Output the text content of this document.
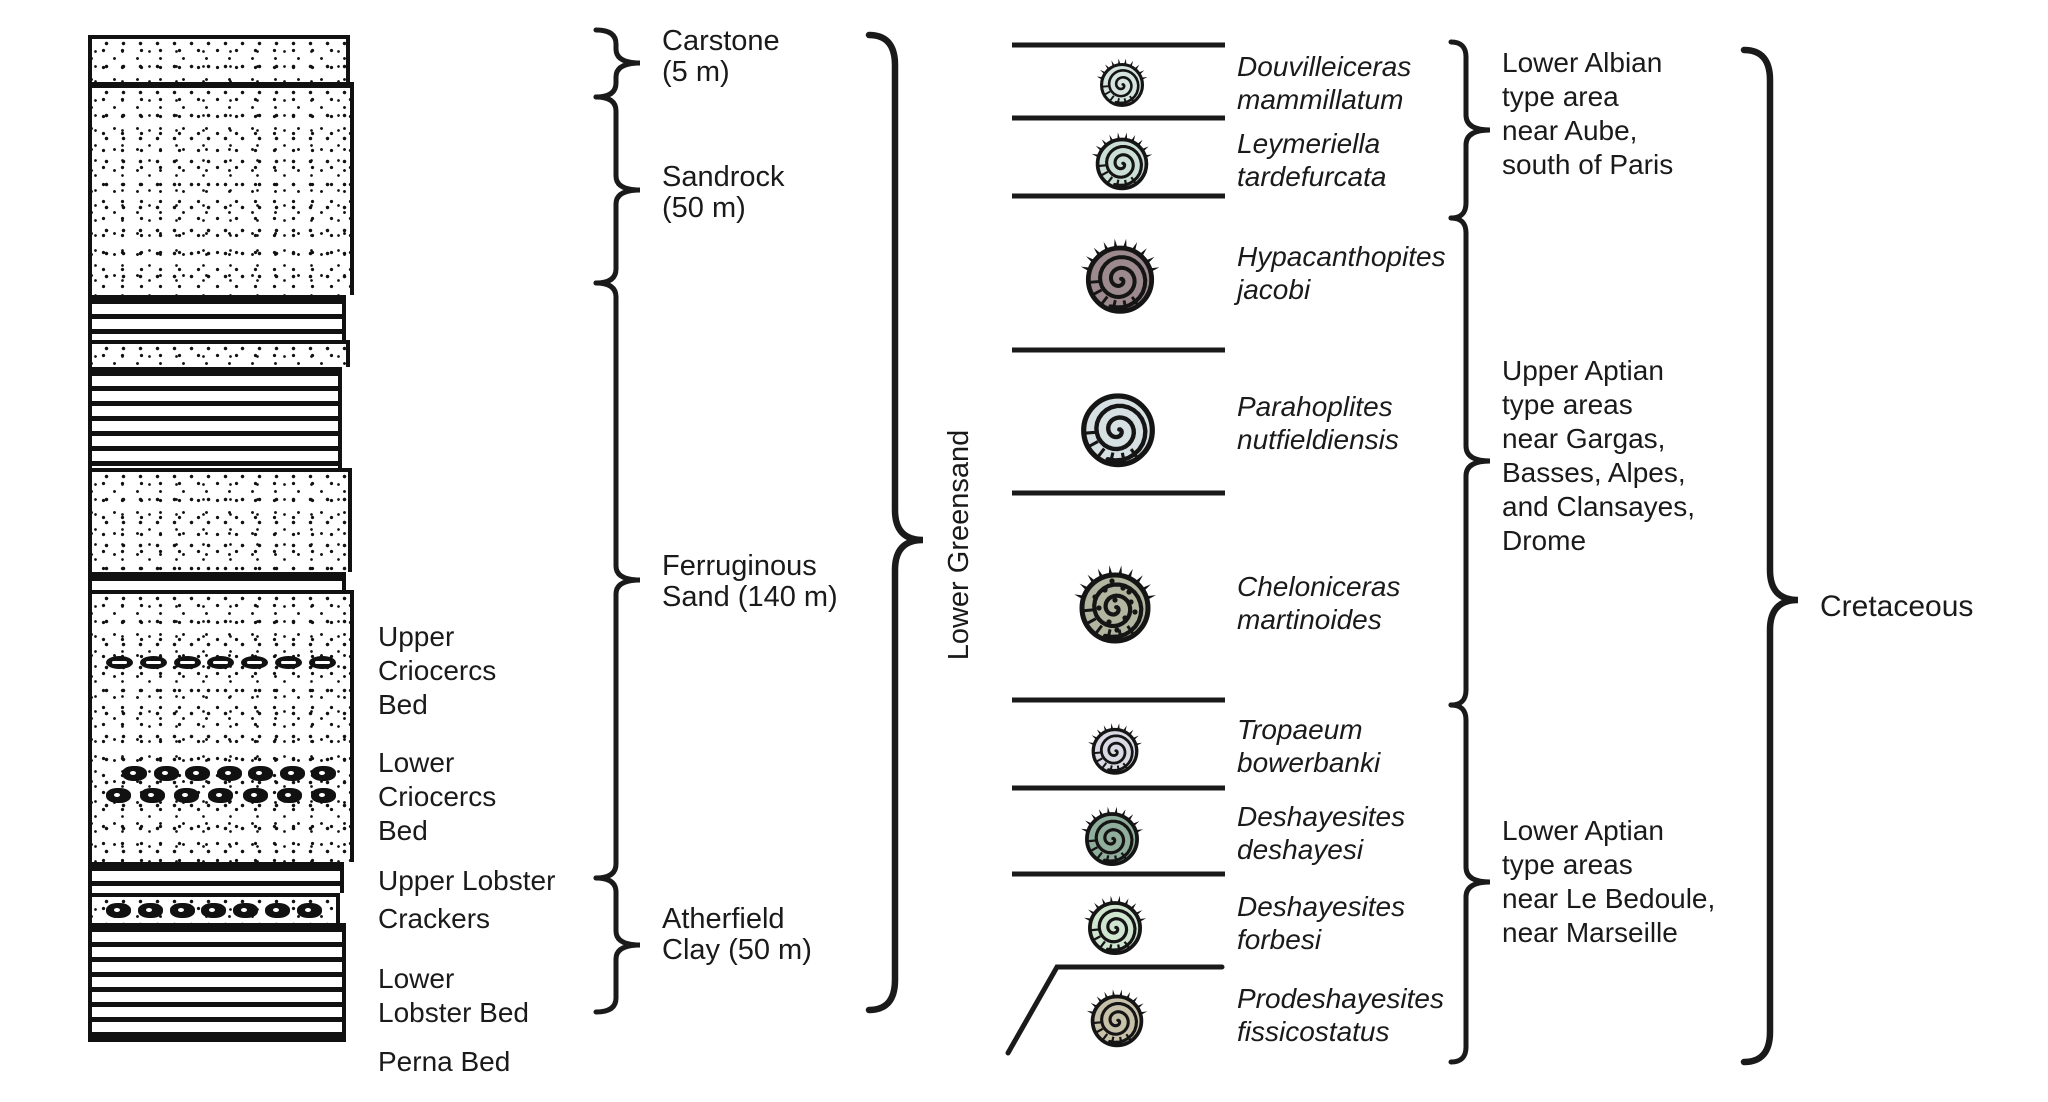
Upper
Criocercs
Bed
Lower
Criocercs
Bed
Upper Lobster
Crackers
Lower
Lobster Bed
Perna Bed
Carstone
(5 m)
Sandrock
(50 m)
Ferruginous
Sand (140 m)
Atherfield
Clay (50 m)
Lower Greensand
Douvilleiceras
mammillatum
Leymeriella
tardefurcata
Hypacanthopites
jacobi
Parahoplites
nutfieldiensis
Cheloniceras
martinoides
Tropaeum
bowerbanki
Deshayesites
deshayesi
Deshayesites
forbesi
Prodeshayesites
fissicostatus
Lower Albian
type area
near Aube,
south of Paris
Upper Aptian
type areas
near Gargas,
Basses, Alpes,
and Clansayes,
Drome
Lower Aptian
type areas
near Le Bedoule,
near Marseille
Cretaceous
